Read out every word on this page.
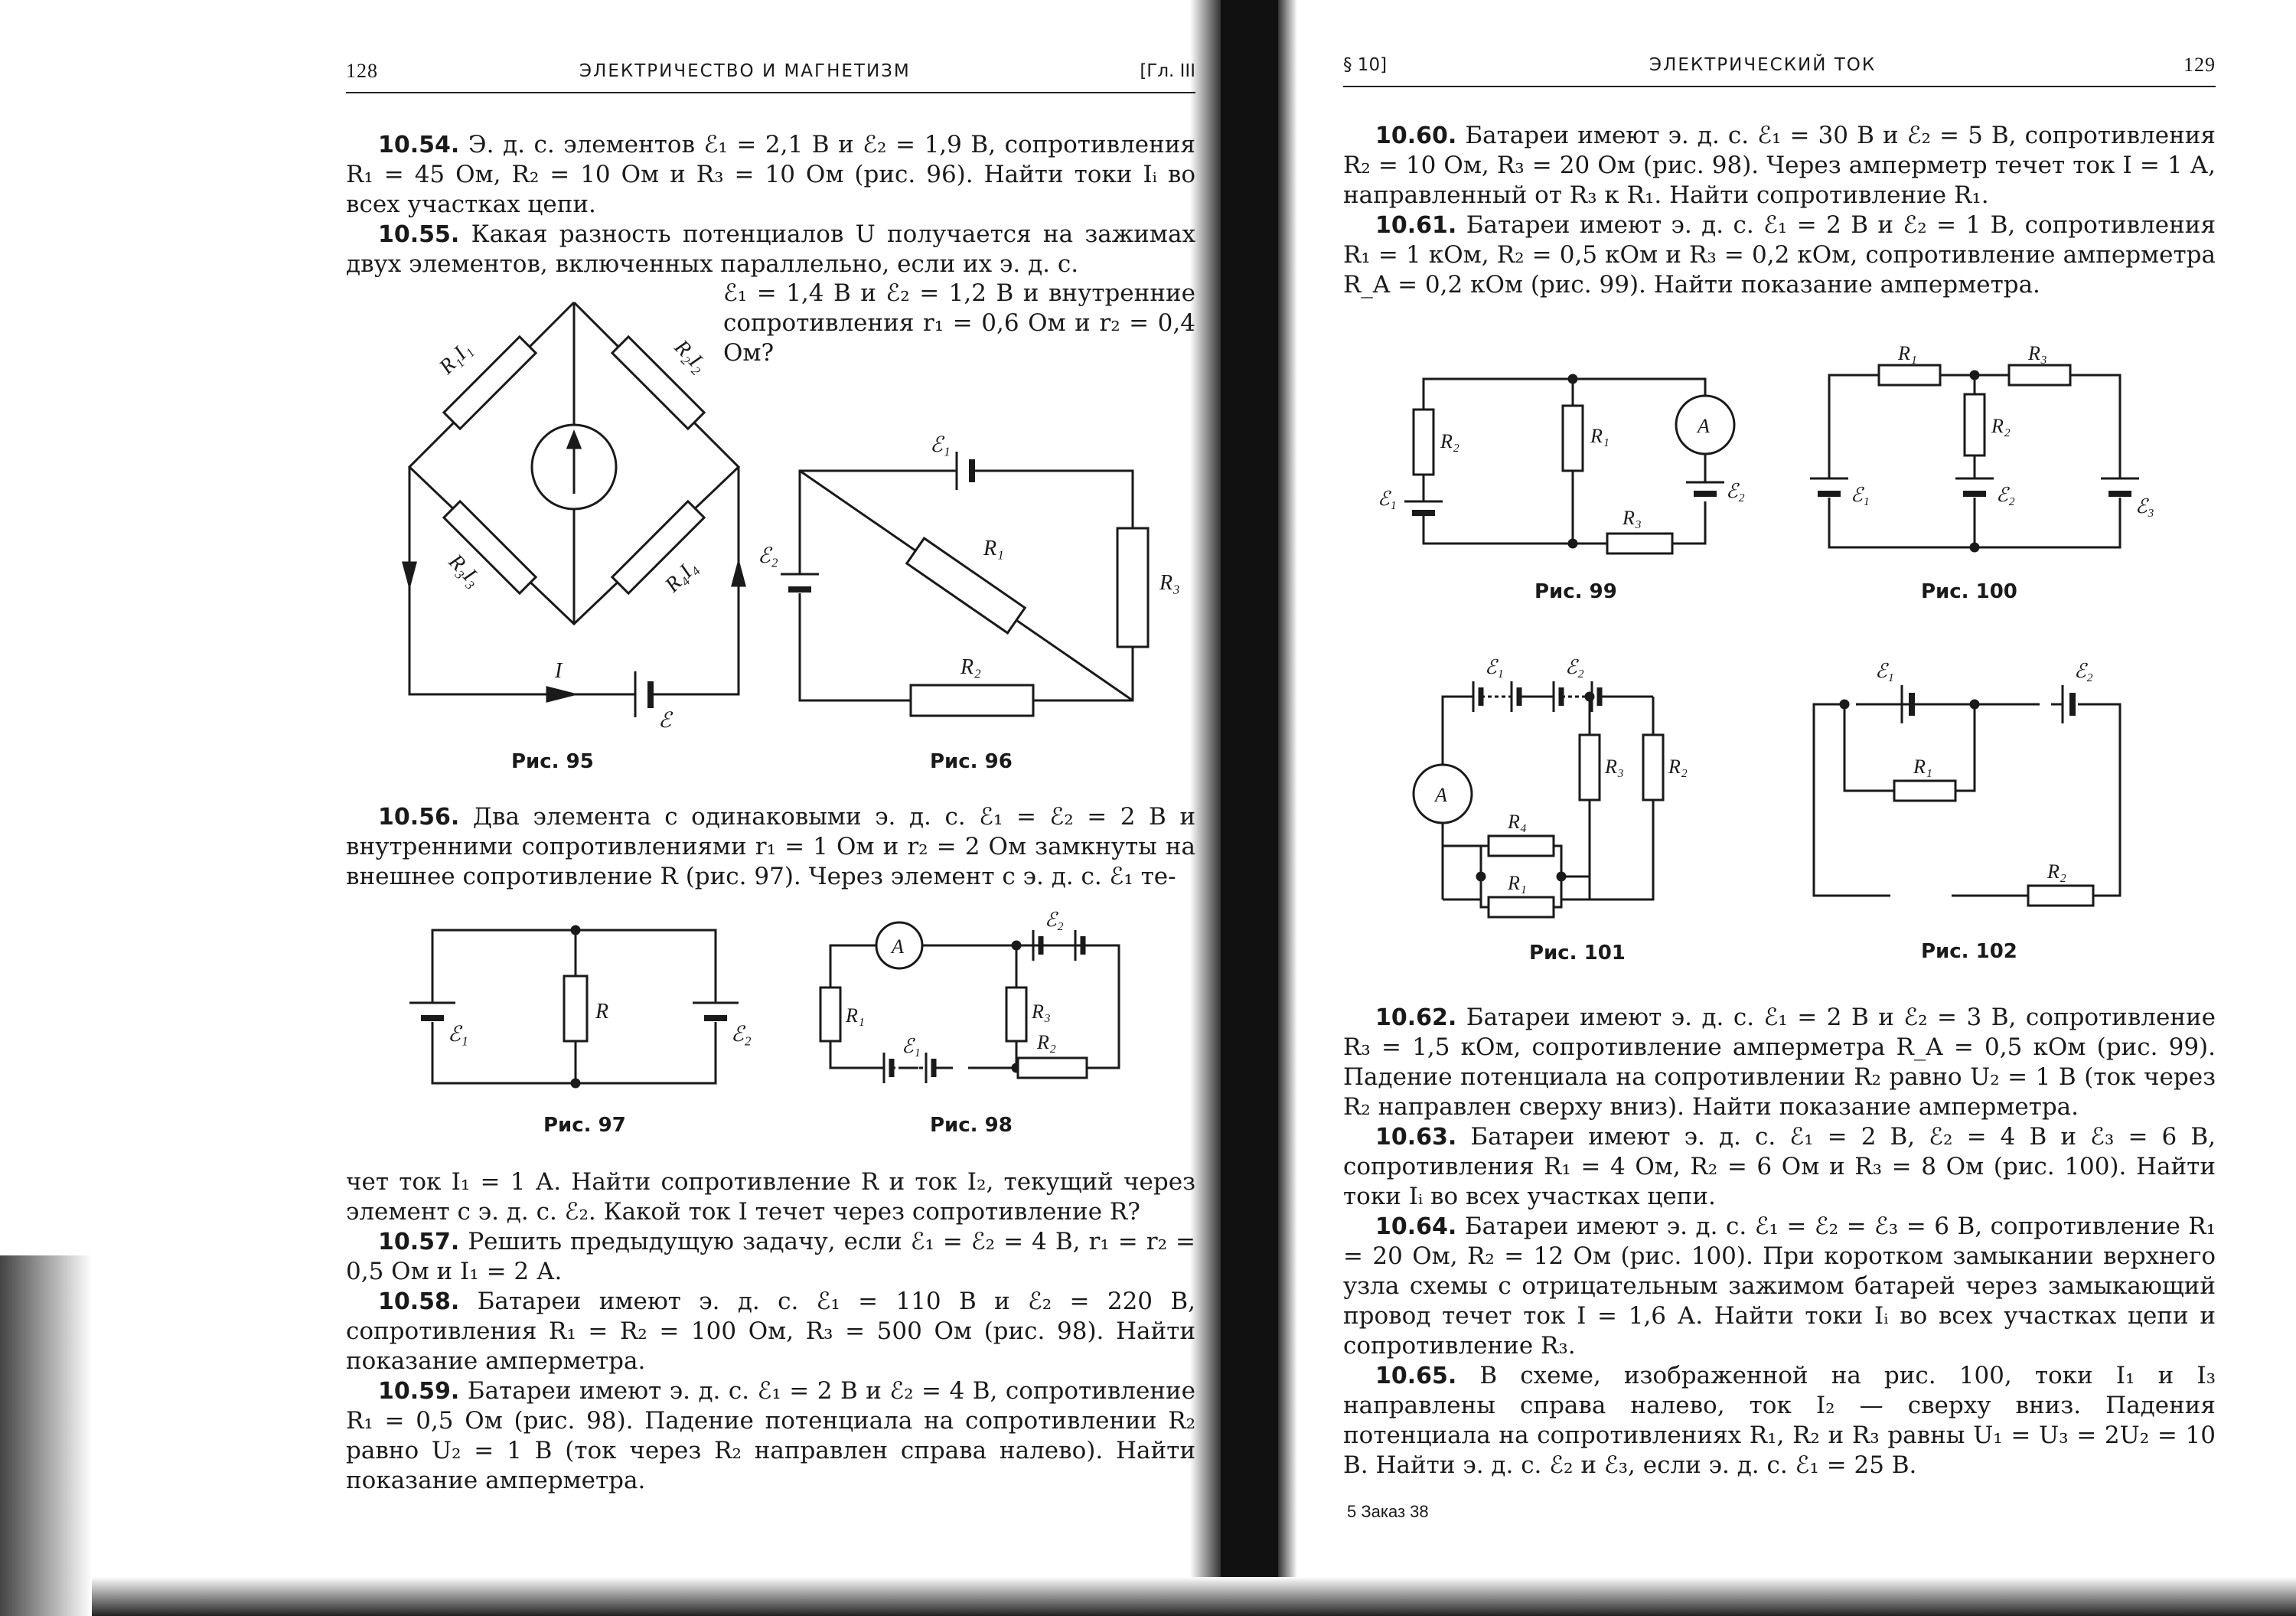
128	ЭЛЕКТРИЧЕСТВО И МАГНЕТИЗМ	[Гл. III

10.54. Э. д. с. элементов ℰ₁ = 2,1 В и ℰ₂ = 1,9 В, сопротивления R₁ = 45 Ом, R₂ = 10 Ом и R₃ = 10 Ом (рис. 96). Найти токи Iᵢ во всех участках цепи.

10.55. Какая разность потенциалов U получается на зажимах двух элементов, включенных параллельно, если их э. д. с.

ℰ₁ = 1,4 В и ℰ₂ = 1,2 В и внутренние сопротивления r₁ = 0,6 Ом и r₂ = 0,4 Ом?
R₁I₁	R₂I₂
R₃I₃	R₄I₄
I
ℰ
ℰ₁
ℰ₂	R₁
R₂
R₃
Рис. 95	Рис. 96

10.56. Два элемента с одинаковыми э. д. с. ℰ₁ = ℰ₂ = 2 В и внутренними сопротивлениями r₁ = 1 Ом и r₂ = 2 Ом замкнуты на внешнее сопротивление R (рис. 97). Через элемент с э. д. с. ℰ₁ те-

R
ℰ₁	ℰ₂
A
ℰ₂
ℰ₁
R₁	R₃
R₂
Рис. 97	Рис. 98
чет ток I₁ = 1 А. Найти сопротивление R и ток I₂, текущий через элемент с э. д. с. ℰ₂. Какой ток I течет через сопротивление R?

10.57. Решить предыдущую задачу, если ℰ₁ = ℰ₂ = 4 В, r₁ = r₂ = 0,5 Ом и I₁ = 2 А.

10.58. Батареи имеют э. д. с. ℰ₁ = 110 В и ℰ₂ = 220 В, сопротивления R₁ = R₂ = 100 Ом, R₃ = 500 Ом (рис. 98). Найти показание амперметра.

10.59. Батареи имеют э. д. с. ℰ₁ = 2 В и ℰ₂ = 4 В, сопротивление R₁ = 0,5 Ом (рис. 98). Падение потенциала на сопротивлении R₂ равно U₂ = 1 В (ток через R₂ направлен справа налево). Найти показание амперметра.

§ 10]	ЭЛЕКТРИЧЕСКИЙ ТОК	129

10.60. Батареи имеют э. д. с. ℰ₁ = 30 В и ℰ₂ = 5 В, сопротивления R₂ = 10 Ом, R₃ = 20 Ом (рис. 98). Через амперметр течет ток I = 1 А, направленный от R₃ к R₁. Найти сопротивление R₁.

10.61. Батареи имеют э. д. с. ℰ₁ = 2 В и ℰ₂ = 1 В, сопротивления R₁ = 1 кОм, R₂ = 0,5 кОм и R₃ = 0,2 кОм, сопротивление амперметра R_A = 0,2 кОм (рис. 99). Найти показание амперметра.

R₂	R₁
R₃
A
ℰ₁	ℰ₂
R₁	R₃
R₂
ℰ₁	ℰ₂
ℰ₃
Рис. 99	Рис. 100
A
ℰ₁	ℰ₂
R₃ R₂
R₄
R₁
ℰ₁	ℰ₂
R₁
R₂
Рис. 101	Рис. 102

10.62. Батареи имеют э. д. с. ℰ₁ = 2 В и ℰ₂ = 3 В, сопротивление R₃ = 1,5 кОм, сопротивление амперметра R_A = 0,5 кОм (рис. 99). Падение потенциала на сопротивлении R₂ равно U₂ = 1 В (ток через R₂ направлен сверху вниз). Найти показание амперметра.

10.63. Батареи имеют э. д. с. ℰ₁ = 2 В, ℰ₂ = 4 В и ℰ₃ = 6 В, сопротивления R₁ = 4 Ом, R₂ = 6 Ом и R₃ = 8 Ом (рис. 100). Найти токи Iᵢ во всех участках цепи.

10.64. Батареи имеют э. д. с. ℰ₁ = ℰ₂ = ℰ₃ = 6 В, сопротивление R₁ = 20 Ом, R₂ = 12 Ом (рис. 100). При коротком замыкании верхнего узла схемы с отрицательным зажимом батарей через замыкающий провод течет ток I = 1,6 А. Найти токи Iᵢ во всех участках цепи и сопротивление R₃.

10.65. В схеме, изображенной на рис. 100, токи I₁ и I₃ направлены справа налево, ток I₂ — сверху вниз. Падения потенциала на сопротивлениях R₁, R₂ и R₃ равны U₁ = U₃ = 2U₂ = 10 В. Найти э. д. с. ℰ₂ и ℰ₃, если э. д. с. ℰ₁ = 25 В.

5 Заказ 38
